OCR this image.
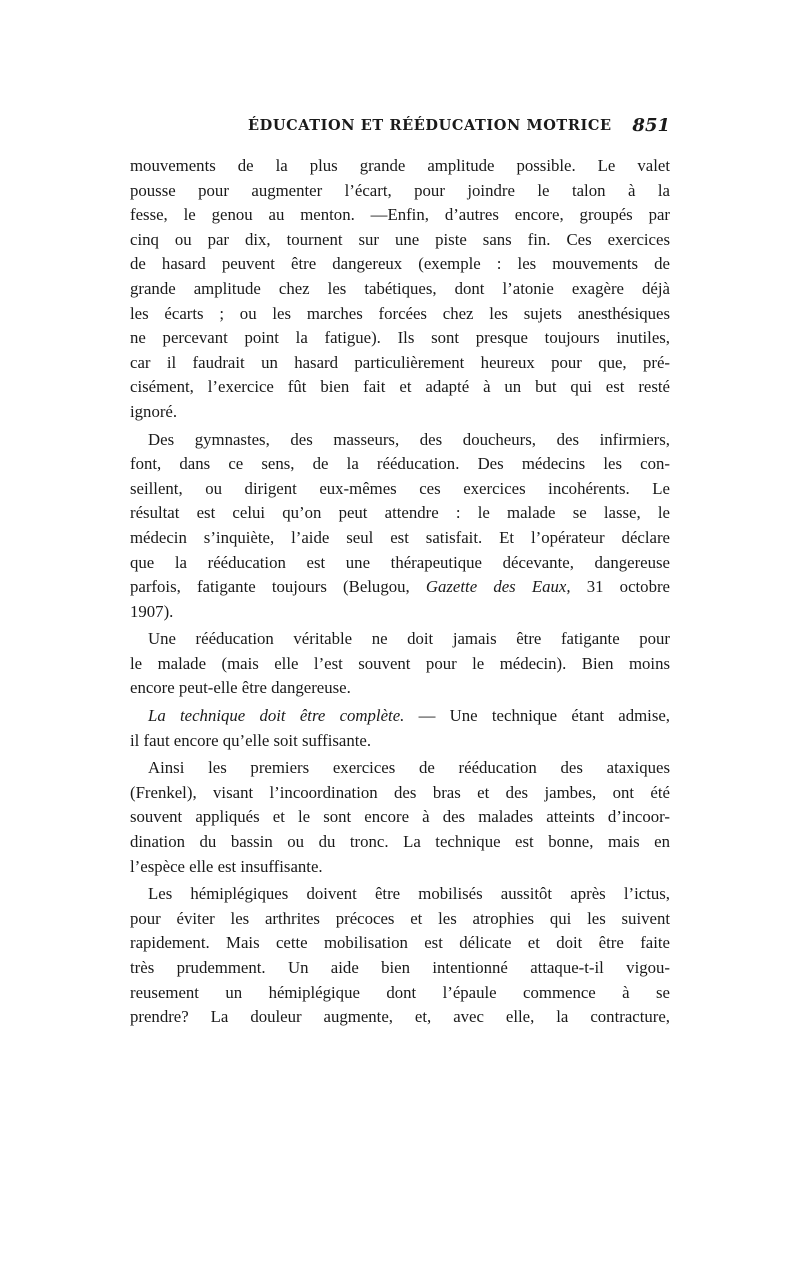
ÉDUCATION ET RÉÉDUCATION MOTRICE 851
mouvements de la plus grande amplitude possible. Le valet
pousse pour augmenter l’écart, pour joindre le talon à la
fesse, le genou au menton. —Enfin, d’autres encore, groupés par
cinq ou par dix, tournent sur une piste sans fin. Ces exercices
de hasard peuvent être dangereux (exemple : les mouvements de
grande amplitude chez les tabétiques, dont l’atonie exagère déjà
les écarts ; ou les marches forcées chez les sujets anesthésiques
ne percevant point la fatigue). Ils sont presque toujours inutiles,
car il faudrait un hasard particulièrement heureux pour que, pré-
cisément, l’exercice fût bien fait et adapté à un but qui est resté
ignoré.
Des gymnastes, des masseurs, des doucheurs, des infirmiers,
font, dans ce sens, de la rééducation. Des médecins les con-
seillent, ou dirigent eux-mêmes ces exercices incohérents. Le
résultat est celui qu’on peut attendre : le malade se lasse, le
médecin s’inquiète, l’aide seul est satisfait. Et l’opérateur déclare
que la rééducation est une thérapeutique décevante, dangereuse
parfois, fatigante toujours (Belugou, Gazette des Eaux, 31 octobre
1907).
Une rééducation véritable ne doit jamais être fatigante pour
le malade (mais elle l’est souvent pour le médecin). Bien moins
encore peut-elle être dangereuse.
La technique doit être complète. — Une technique étant admise,
il faut encore qu’elle soit suffisante.
Ainsi les premiers exercices de rééducation des ataxiques
(Frenkel), visant l’incoordination des bras et des jambes, ont été
souvent appliqués et le sont encore à des malades atteints d’incoor-
dination du bassin ou du tronc. La technique est bonne, mais en
l’espèce elle est insuffisante.
Les hémiplégiques doivent être mobilisés aussitôt après l’ictus,
pour éviter les arthrites précoces et les atrophies qui les suivent
rapidement. Mais cette mobilisation est délicate et doit être faite
très prudemment. Un aide bien intentionné attaque-t-il vigou-
reusement un hémiplégique dont l’épaule commence à se
prendre? La douleur augmente, et, avec elle, la contracture,
